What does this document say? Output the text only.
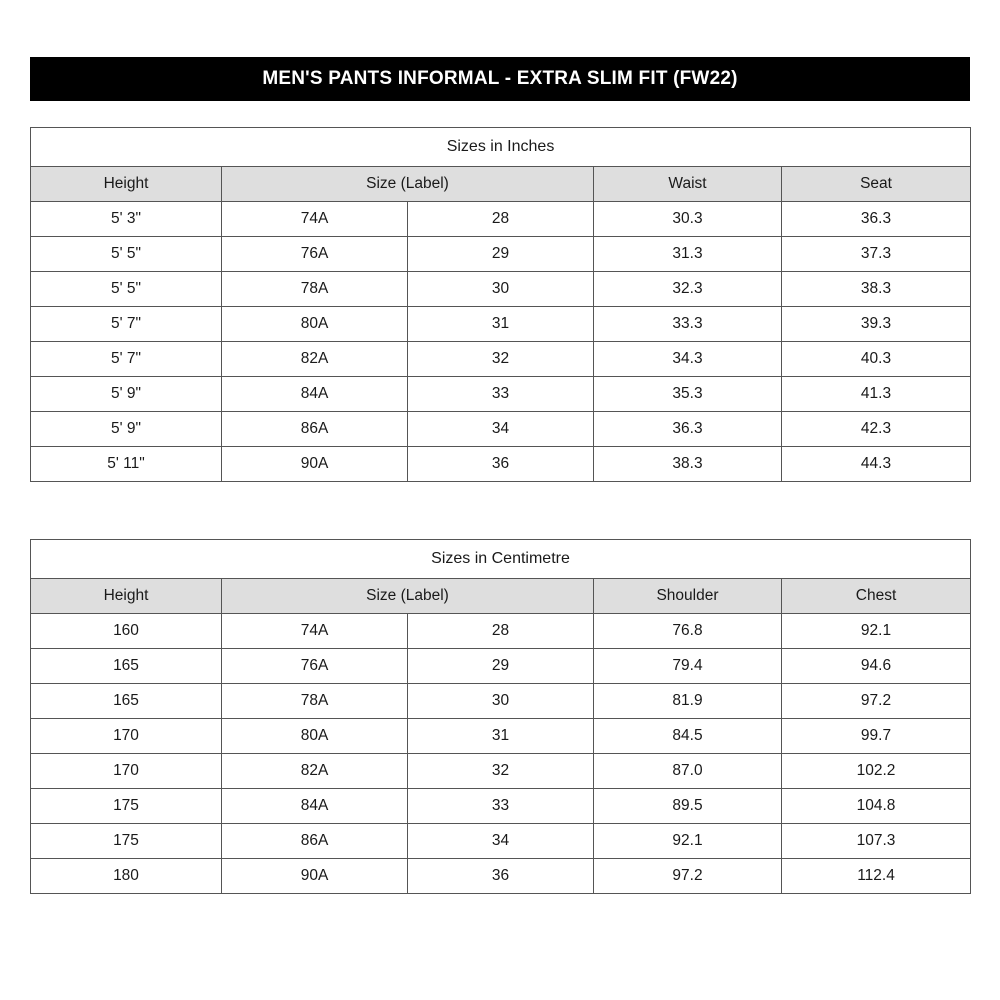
MEN'S PANTS INFORMAL - EXTRA SLIM FIT (FW22)
Sizes in Inches				
Height	Size (Label)		Waist	Seat
5' 3"	74A	28	30.3	36.3
5' 5"	76A	29	31.3	37.3
5' 5"	78A	30	32.3	38.3
5' 7"	80A	31	33.3	39.3
5' 7"	82A	32	34.3	40.3
5' 9"	84A	33	35.3	41.3
5' 9"	86A	34	36.3	42.3
5' 11"	90A	36	38.3	44.3
Sizes in Centimetre				
Height	Size (Label)		Shoulder	Chest
160	74A	28	76.8	92.1
165	76A	29	79.4	94.6
165	78A	30	81.9	97.2
170	80A	31	84.5	99.7
170	82A	32	87.0	102.2
175	84A	33	89.5	104.8
175	86A	34	92.1	107.3
180	90A	36	97.2	112.4
